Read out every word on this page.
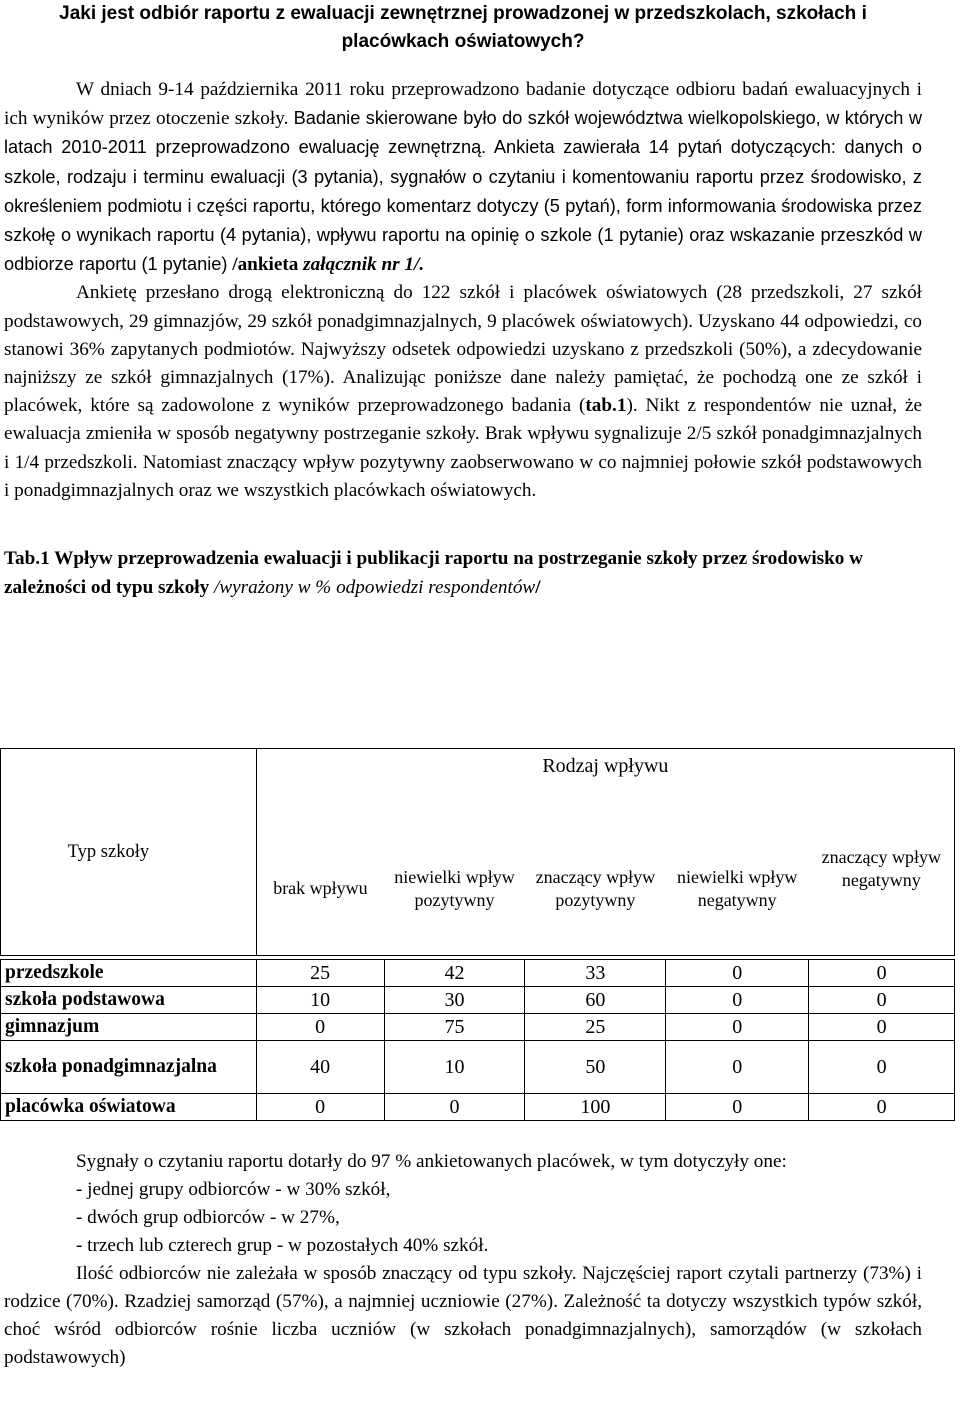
Jaki jest odbiór raportu z ewaluacji zewnętrznej prowadzonej w przedszkolach, szkołach i placówkach oświatowych?

W dniach 9-14 października 2011 roku przeprowadzono badanie dotyczące odbioru badań ewaluacyjnych i ich wyników przez otoczenie szkoły. Badanie skierowane było do szkół województwa wielkopolskiego, w których w latach 2010-2011 przeprowadzono ewaluację zewnętrzną. Ankieta zawierała 14 pytań dotyczących: danych o szkole, rodzaju i terminu ewaluacji (3 pytania), sygnałów o czytaniu i komentowaniu raportu przez środowisko, z określeniem podmiotu i części raportu, którego komentarz dotyczy (5 pytań), form informowania środowiska przez szkołę o wynikach raportu (4 pytania), wpływu raportu na opinię o szkole (1 pytanie) oraz wskazanie przeszkód w odbiorze raportu (1 pytanie) /ankieta załącznik nr 1/.

Ankietę przesłano drogą elektroniczną do 122 szkół i placówek oświatowych (28 przedszkoli, 27 szkół podstawowych, 29 gimnazjów, 29 szkół ponadgimnazjalnych, 9 placówek oświatowych). Uzyskano 44 odpowiedzi, co stanowi 36% zapytanych podmiotów. Najwyższy odsetek odpowiedzi uzyskano z przedszkoli (50%), a zdecydowanie najniższy ze szkół gimnazjalnych (17%). Analizując poniższe dane należy pamiętać, że pochodzą one ze szkół i placówek, które są zadowolone z wyników przeprowadzonego badania (tab.1). Nikt z respondentów nie uznał, że ewaluacja zmieniła w sposób negatywny postrzeganie szkoły. Brak wpływu sygnalizuje 2/5 szkół ponadgimnazjalnych i 1/4 przedszkoli. Natomiast znaczący wpływ pozytywny zaobserwowano w co najmniej połowie szkół podstawowych i ponadgimnazjalnych oraz we wszystkich placówkach oświatowych.

Tab.1 Wpływ przeprowadzenia ewaluacji i publikacji raportu na postrzeganie szkoły przez środowisko w zależności od typu szkoły /wyrażony w % odpowiedzi respondentów/

Typ szkoły	Rodzaj wpływu				
	brak wpływu	niewielki wpływ pozytywny	znaczący wpływ pozytywny	niewielki wpływ negatywny	znaczący wpływ negatywny

przedszkole	25	42	33	0	0
szkoła podstawowa	10	30	60	0	0
gimnazjum	0	75	25	0	0
szkoła ponadgimnazjalna	40	10	50	0	0
placówka oświatowa	0	0	100	0	0

Sygnały o czytaniu raportu dotarły do 97 % ankietowanych placówek, w tym dotyczyły one:

- jednej grupy odbiorców - w 30% szkół,
- dwóch grup odbiorców - w 27%,
- trzech lub czterech grup - w pozostałych 40% szkół.

Ilość odbiorców nie zależała w sposób znaczący od typu szkoły. Najczęściej raport czytali partnerzy (73%) i rodzice (70%). Rzadziej samorząd (57%), a najmniej uczniowie (27%). Zależność ta dotyczy wszystkich typów szkół, choć wśród odbiorców rośnie liczba uczniów (w szkołach ponadgimnazjalnych), samorządów (w szkołach podstawowych)
